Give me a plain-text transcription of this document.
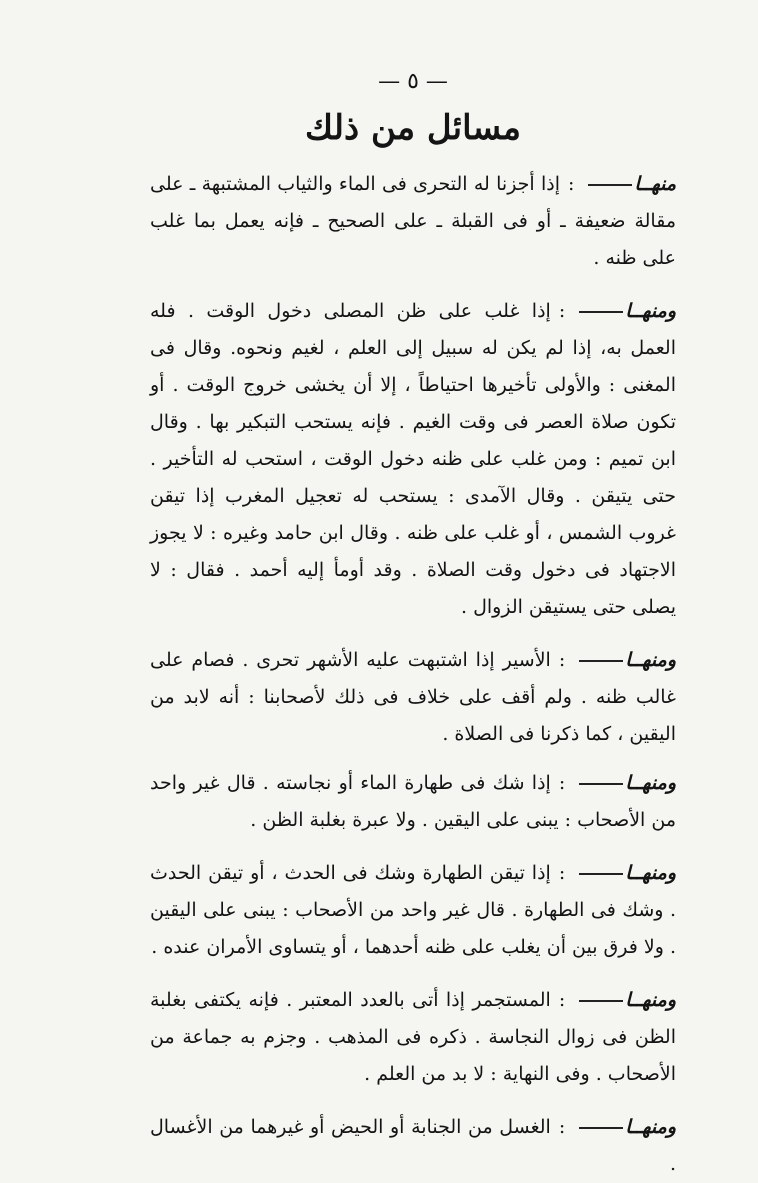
— ٥ —
مسائل من ذلك

منهــا:إذا أجزنا له التحرى فى الماء والثياب المشتبهة ـ على مقالة ضعيفة ـ أو فى القبلة ـ على الصحيح ـ فإنه يعمل بما غلب على ظنه .

ومنهــا:إذا غلب على ظن المصلى دخول الوقت . فله العمل به، إذا لم يكن له سبيل إلى العلم ، لغيم ونحوه. وقال فى المغنى : والأولى تأخيرها احتياطاً ، إلا أن يخشى خروج الوقت . أو تكون صلاة العصر فى وقت الغيم . فإنه يستحب التبكير بها . وقال ابن تميم : ومن غلب على ظنه دخول الوقت ، استحب له التأخير . حتى يتيقن . وقال الآمدى : يستحب له تعجيل المغرب إذا تيقن غروب الشمس ، أو غلب على ظنه . وقال ابن حامد وغيره : لا يجوز الاجتهاد فى دخول وقت الصلاة . وقد أومأ إليه أحمد . فقال : لا يصلى حتى يستيقن الزوال .

ومنهــا:الأسير إذا اشتبهت عليه الأشهر تحرى . فصام على غالب ظنه . ولم أقف على خلاف فى ذلك لأصحابنا : أنه لابد من اليقين ، كما ذكرنا فى الصلاة .

ومنهــا:إذا شك فى طهارة الماء أو نجاسته . قال غير واحد من الأصحاب : يبنى على اليقين . ولا عبرة بغلبة الظن .

ومنهــا:إذا تيقن الطهارة وشك فى الحدث ، أو تيقن الحدث . وشك فى الطهارة . قال غير واحد من الأصحاب : يبنى على اليقين . ولا فرق بين أن يغلب على ظنه أحدهما ، أو يتساوى الأمران عنده .

ومنهــا:المستجمر إذا أتى بالعدد المعتبر . فإنه يكتفى بغلبة الظن فى زوال النجاسة . ذكره فى المذهب . وجزم به جماعة من الأصحاب . وفى النهاية : لا بد من العلم .

ومنهــا:الغسل من الجنابة أو الحيض أو غيرهما من الأغسال .
